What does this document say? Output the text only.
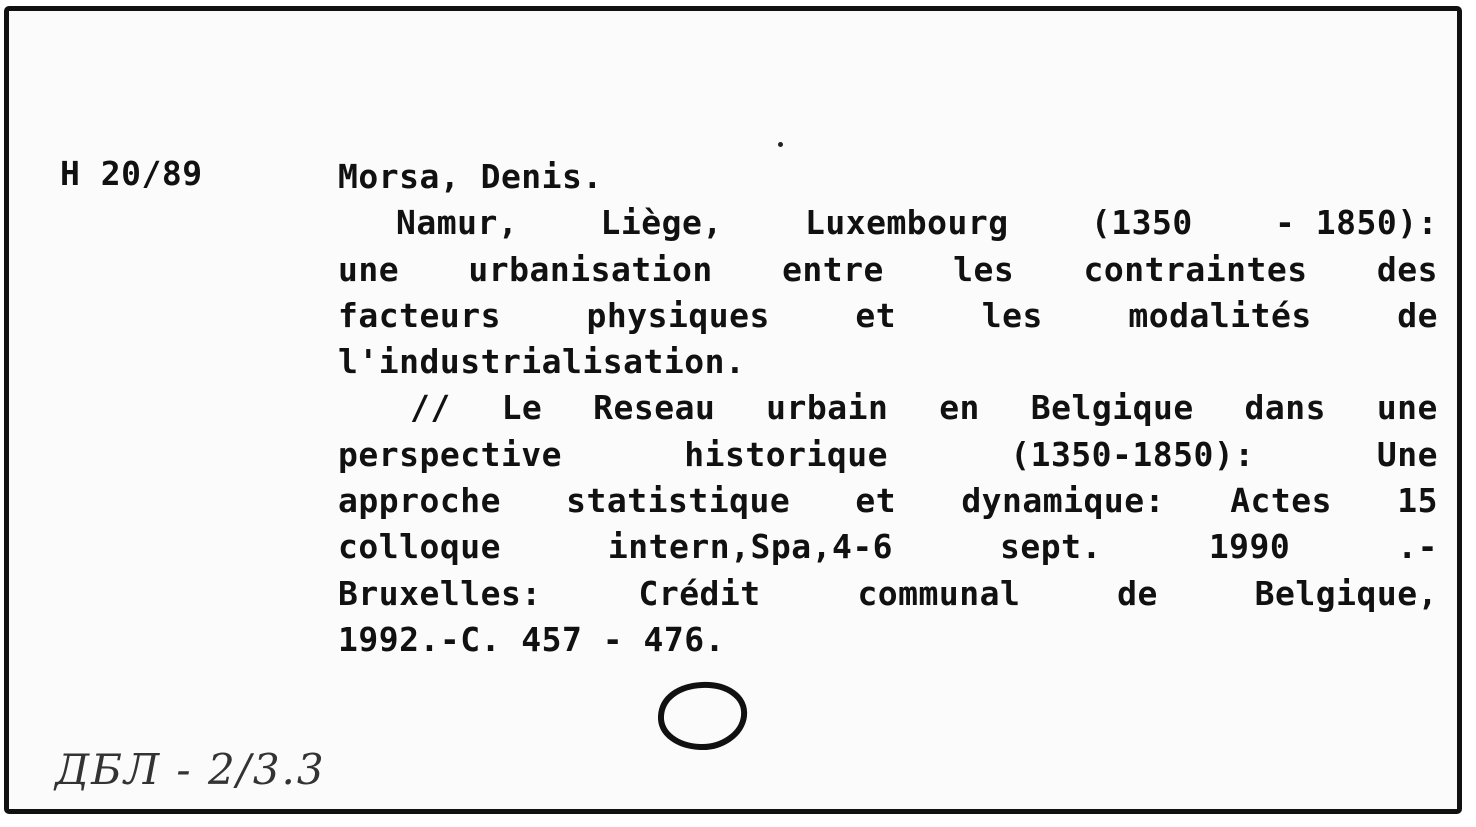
H 20/89	Morsa, Denis.
Namur, Liège, Luxembourg (1350 - 1850):
une urbanisation entre les contraintes des
facteurs	physiques	et	les	modalités	de
l'industrialisation.
// Le Reseau urbain en Belgique dans une
perspective	historique	(1350-1850):	Une
approche statistique et dynamique: Actes 15
colloque	intern,Spa,4-6	sept.	1990	.-
Bruxelles:	Crédit	communal	de	Belgique,
1992.-C. 457 - 476.
ДБЛ - 2/3.3
